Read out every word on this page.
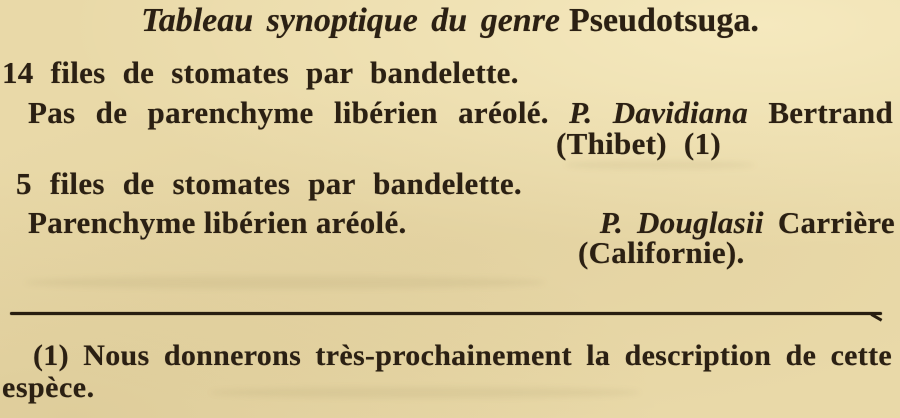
Tableau synoptique du genre Pseudotsuga.
14 files de stomates par bandelette.
Pas de parenchyme libérien aréolé. P. Davidiana Bertrand
(Thibet) (1)
5 files de stomates par bandelette.
Parenchyme libérien aréolé.	P. Douglasii Carrière
(Californie).
(1) Nous donnerons très-prochainement la description de cette
espèce.
